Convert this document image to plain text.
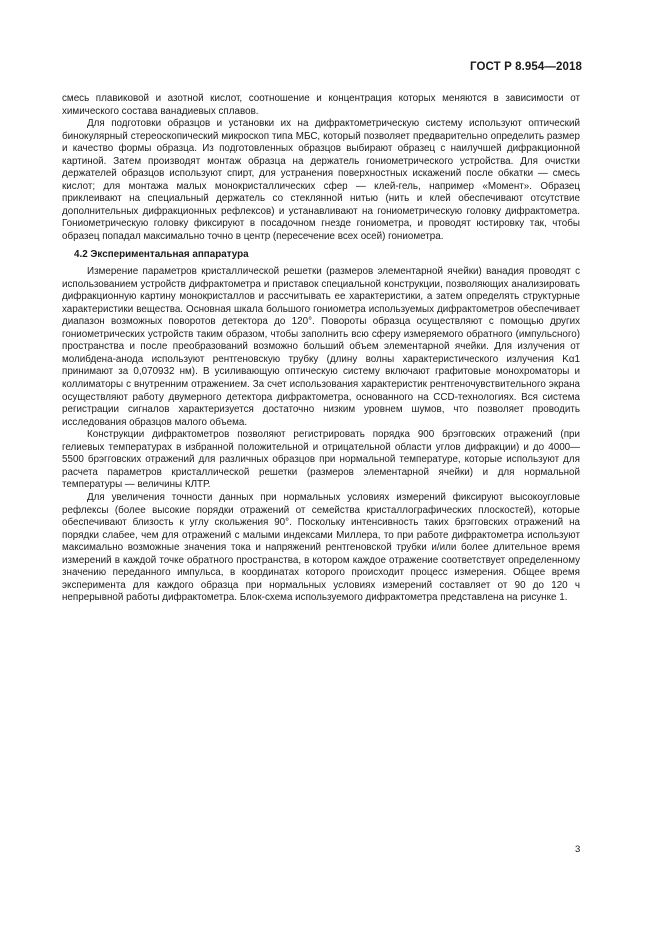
ГОСТ Р 8.954—2018

смесь плавиковой и азотной кислот, соотношение и концентрация которых меняются в зависимости от химического состава ванадиевых сплавов.

Для подготовки образцов и установки их на дифрактометрическую систему используют оптический бинокулярный стереоскопический микроскоп типа МБС, который позволяет предварительно определить размер и качество формы образца. Из подготовленных образцов выбирают образец с наилучшей дифракционной картиной. Затем производят монтаж образца на держатель гониометрического устройства. Для очистки держателей образцов используют спирт, для устранения поверхностных искажений после обкатки — смесь кислот; для монтажа малых монокристаллических сфер — клей-гель, например «Момент». Образец приклеивают на специальный держатель со стеклянной нитью (нить и клей обеспечивают отсутствие дополнительных дифракционных рефлексов) и устанавливают на гониометрическую головку дифрактометра. Гониометрическую головку фиксируют в посадочном гнезде гониометра, и проводят юстировку так, чтобы образец попадал максимально точно в центр (пересечение всех осей) гониометра.

4.2 Экспериментальная аппаратура

Измерение параметров кристаллической решетки (размеров элементарной ячейки) ванадия проводят с использованием устройств дифрактометра и приставок специальной конструкции, позволяющих анализировать дифракционную картину монокристаллов и рассчитывать ее характеристики, а затем определять структурные характеристики вещества. Основная шкала большого гониометра используемых дифрактометров обеспечивает диапазон возможных поворотов детектора до 120°. Повороты образца осуществляют с помощью других гониометрических устройств таким образом, чтобы заполнить всю сферу измеряемого обратного (импульсного) пространства и после преобразований возможно больший объем элементарной ячейки. Для излучения от молибдена-анода используют рентгеновскую трубку (длину волны характеристического излучения Kα1 принимают за 0,070932 нм). В усиливающую оптическую систему включают графитовые монохроматоры и коллиматоры с внутренним отражением. За счет использования характеристик рентгеночувствительного экрана осуществляют работу двумерного детектора дифрактометра, основанного на CCD-технологиях. Вся система регистрации сигналов характеризуется достаточно низким уровнем шумов, что позволяет проводить исследования образцов малого объема.

Конструкции дифрактометров позволяют регистрировать порядка 900 брэгговских отражений (при гелиевых температурах в избранной положительной и отрицательной области углов дифракции) и до 4000—5500 брэгговских отражений для различных образцов при нормальной температуре, которые используют для расчета параметров кристаллической решетки (размеров элементарной ячейки) и для нормальной температуры — величины КЛТР.

Для увеличения точности данных при нормальных условиях измерений фиксируют высокоугловые рефлексы (более высокие порядки отражений от семейства кристаллографических плоскостей), которые обеспечивают близость к углу скольжения 90°. Поскольку интенсивность таких брэгговских отражений на порядки слабее, чем для отражений с малыми индексами Миллера, то при работе дифрактометра используют максимально возможные значения тока и напряжений рентгеновской трубки и/или более длительное время измерений в каждой точке обратного пространства, в котором каждое отражение соответствует определенному значению переданного импульса, в координатах которого происходит процесс измерения. Общее время эксперимента для каждого образца при нормальных условиях измерений составляет от 90 до 120 ч непрерывной работы дифрактометра. Блок-схема используемого дифрактометра представлена на рисунке 1.

3
